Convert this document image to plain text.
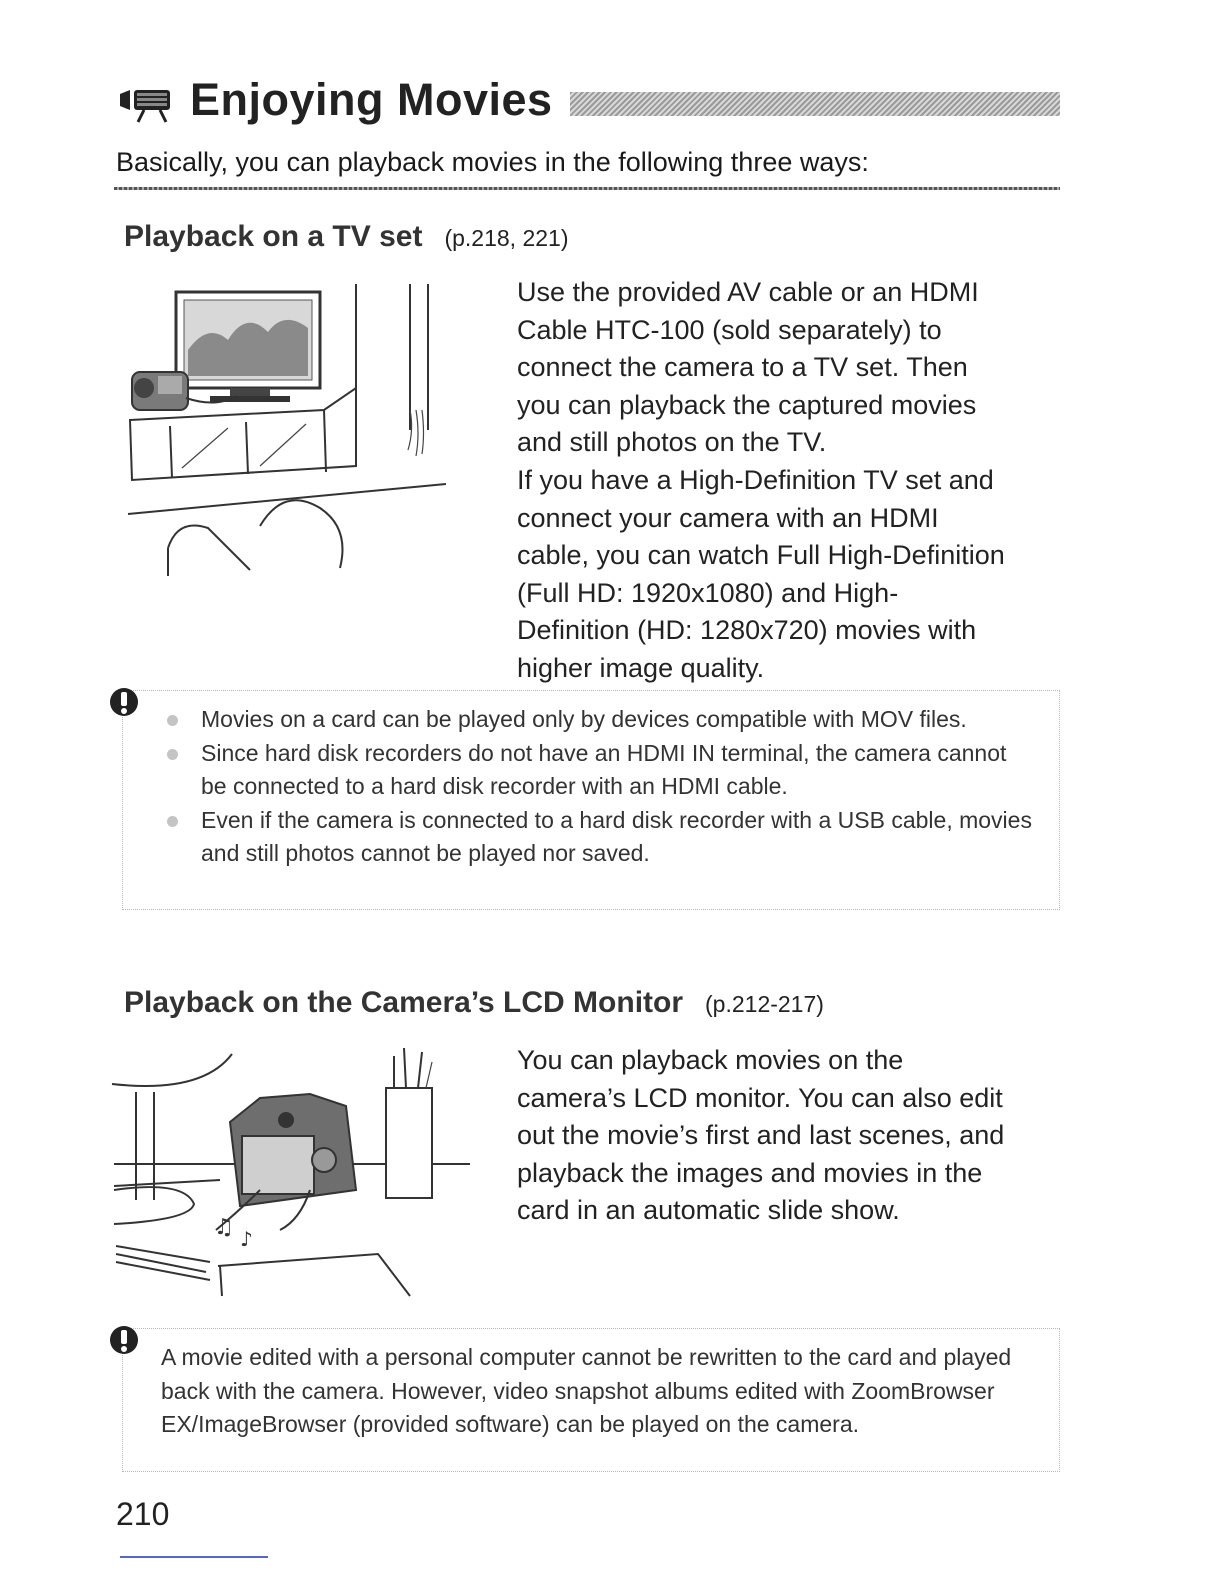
Enjoying Movies
Basically, you can playback movies in the following three ways:
Playback on a TV set (p.218, 221)
Use the provided AV cable or an HDMI
Cable HTC-100 (sold separately) to
connect the camera to a TV set. Then
you can playback the captured movies
and still photos on the TV.
If you have a High-Definition TV set and
connect your camera with an HDMI
cable, you can watch Full High-Definition
(Full HD: 1920x1080) and High-
Definition (HD: 1280x720) movies with
higher image quality.
Movies on a card can be played only by devices compatible with MOV files.
Since hard disk recorders do not have an HDMI IN terminal, the camera cannot be connected to a hard disk recorder with an HDMI cable.
Even if the camera is connected to a hard disk recorder with a USB cable, movies and still photos cannot be played nor saved.
Playback on the Camera’s LCD Monitor (p.212-217)
♫ ♪
You can playback movies on the
camera’s LCD monitor. You can also edit
out the movie’s first and last scenes, and
playback the images and movies in the
card in an automatic slide show.

A movie edited with a personal computer cannot be rewritten to the card and played back with the camera. However, video snapshot albums edited with ZoomBrowser EX/ImageBrowser (provided software) can be played on the camera.

210
